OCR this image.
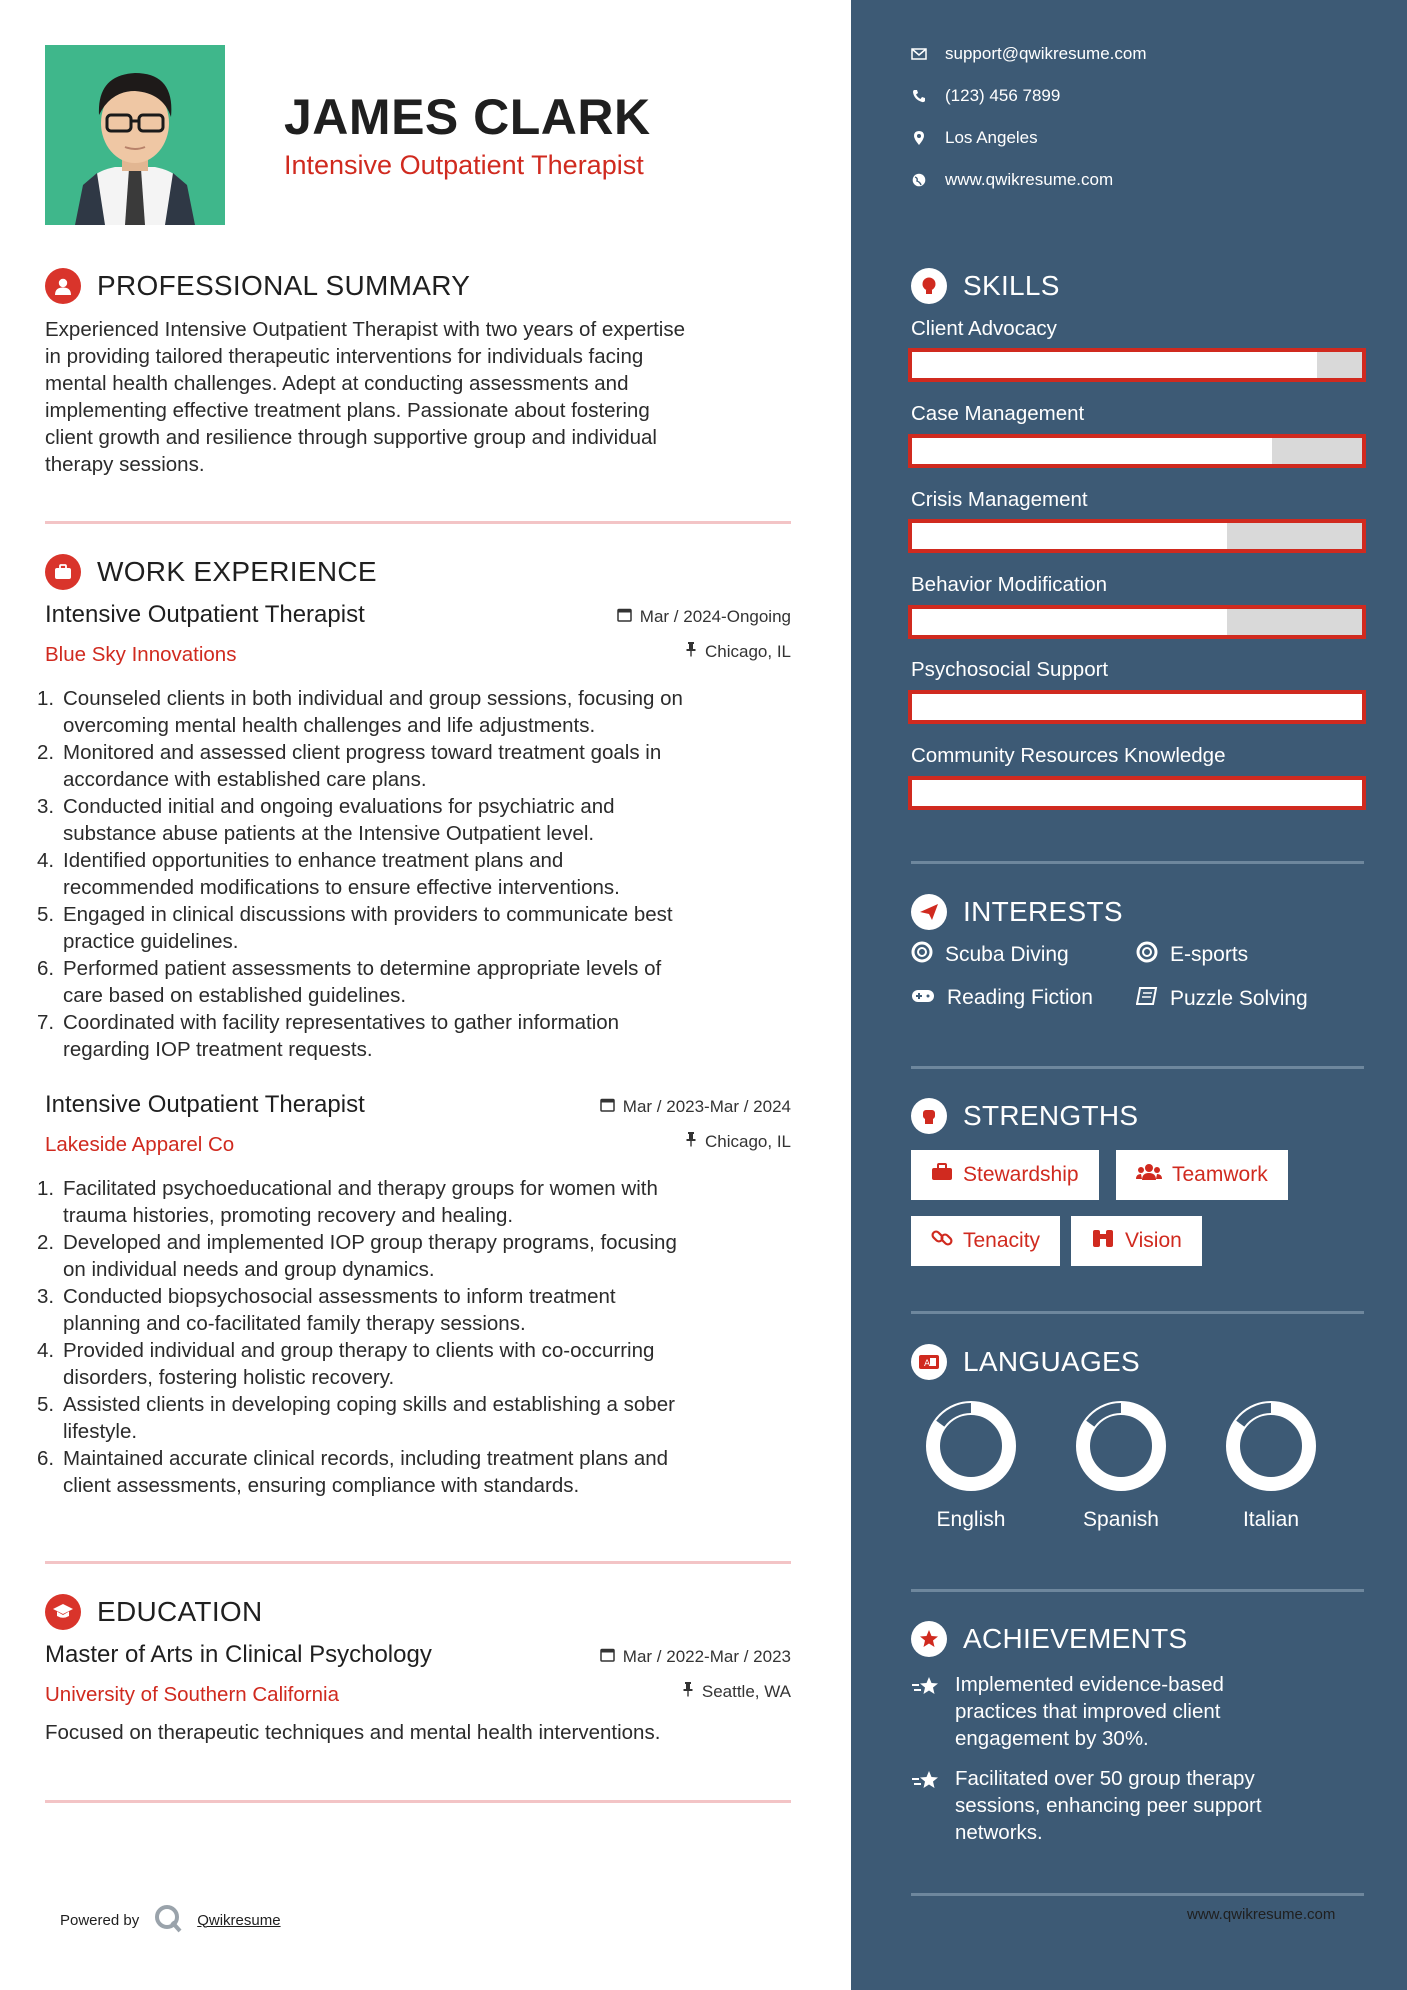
JAMES CLARK
Intensive Outpatient Therapist
PROFESSIONAL SUMMARY
Experienced Intensive Outpatient Therapist with two years of expertise
in providing tailored therapeutic interventions for individuals facing
mental health challenges. Adept at conducting assessments and
implementing effective treatment plans. Passionate about fostering
client growth and resilience through supportive group and individual
therapy sessions.
WORK EXPERIENCE
Intensive Outpatient Therapist
Blue Sky Innovations
Mar / 2024-Ongoing
Chicago, IL
1. Counseled clients in both individual and group sessions, focusing on
overcoming mental health challenges and life adjustments.
2. Monitored and assessed client progress toward treatment goals in
accordance with established care plans.
3. Conducted initial and ongoing evaluations for psychiatric and
substance abuse patients at the Intensive Outpatient level.
4. Identified opportunities to enhance treatment plans and
recommended modifications to ensure effective interventions.
5. Engaged in clinical discussions with providers to communicate best
practice guidelines.
6. Performed patient assessments to determine appropriate levels of
care based on established guidelines.
7. Coordinated with facility representatives to gather information
regarding IOP treatment requests.
Intensive Outpatient Therapist
Lakeside Apparel Co
Mar / 2023-Mar / 2024
Chicago, IL
1. Facilitated psychoeducational and therapy groups for women with
trauma histories, promoting recovery and healing.
2. Developed and implemented IOP group therapy programs, focusing
on individual needs and group dynamics.
3. Conducted biopsychosocial assessments to inform treatment
planning and co-facilitated family therapy sessions.
4. Provided individual and group therapy to clients with co-occurring
disorders, fostering holistic recovery.
5. Assisted clients in developing coping skills and establishing a sober
lifestyle.
6. Maintained accurate clinical records, including treatment plans and
client assessments, ensuring compliance with standards.
EDUCATION
Master of Arts in Clinical Psychology
University of Southern California
Mar / 2022-Mar / 2023
Seattle, WA
Focused on therapeutic techniques and mental health interventions.
Powered by	Qwikresume
support@qwikresume.com
(123) 456 7899
Los Angeles
www.qwikresume.com
SKILLS
Client Advocacy
Case Management
Crisis Management
Behavior Modification
Psychosocial Support
Community Resources Knowledge
INTERESTS
Scuba Diving	E-sports
Reading Fiction	Puzzle Solving
STRENGTHS
Stewardship	Teamwork
Tenacity	Vision
A LANGUAGES
English	Spanish	Italian
ACHIEVEMENTS
Implemented evidence-based
practices that improved client
engagement by 30%.
Facilitated over 50 group therapy
sessions, enhancing peer support
networks.
www.qwikresume.com
